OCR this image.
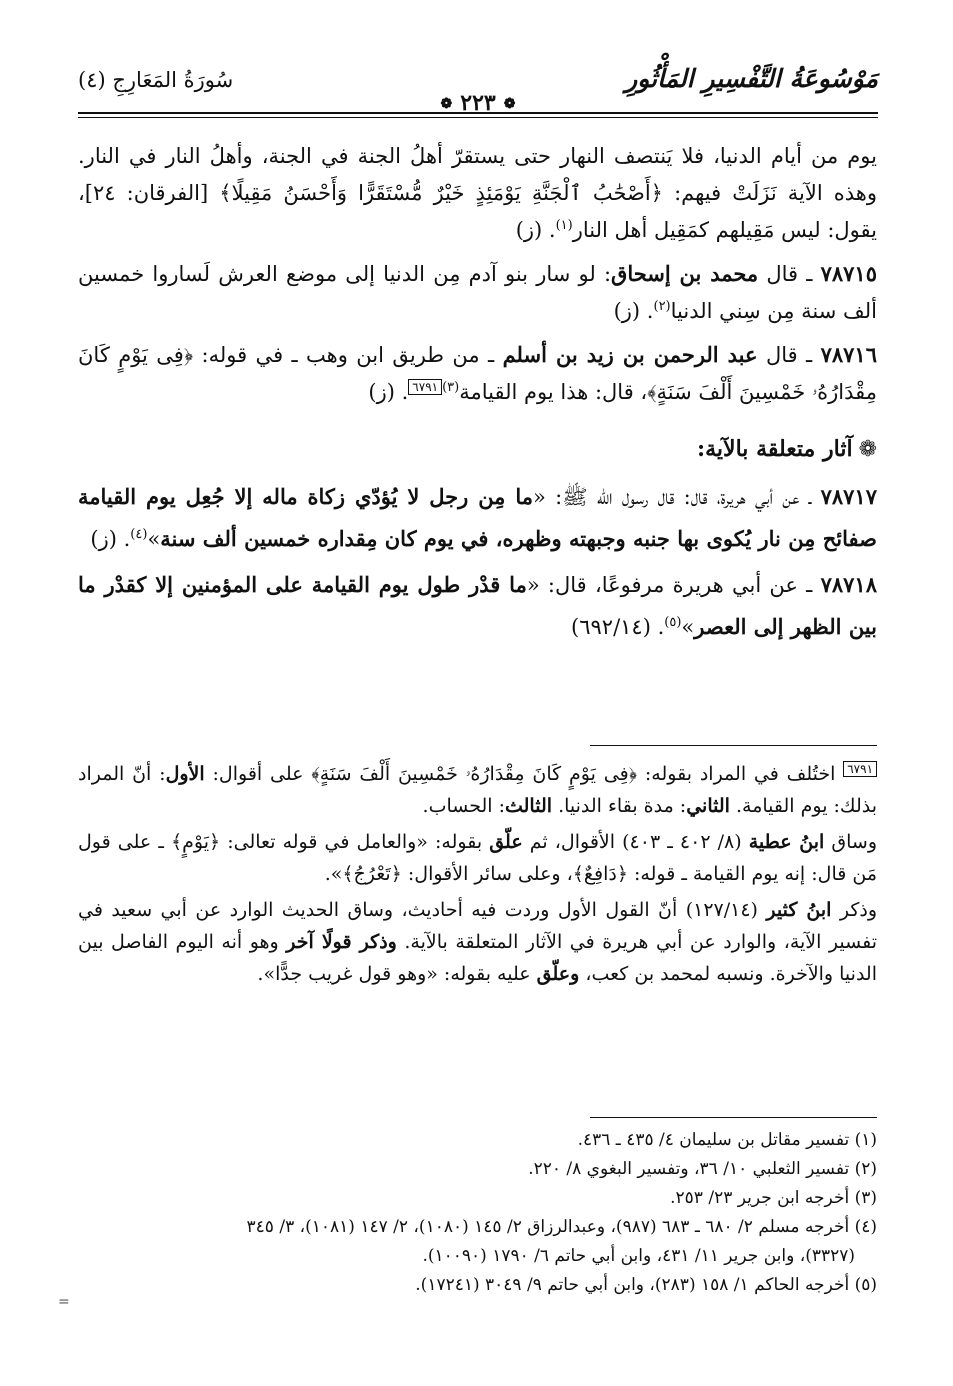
مَوْسُوعَةُ التَّفْسِيرِ المَأْثُورِ
سُورَةُ المَعَارِجِ (٤)
❁٢٢٣❁

يوم من أيام الدنيا، فلا يَنتصف النهار حتى يستقرّ أهلُ الجنة في الجنة، وأهلُ النار في النار. وهذه الآية نَزَلَتْ فيهم: ﴿أَصْحَٰبُ ٱلْجَنَّةِ يَوْمَئِذٍ خَيْرٌ مُّسْتَقَرًّا وَأَحْسَنُ مَقِيلًا﴾ [الفرقان: ٢٤]، يقول: ليس مَقِيلهم كمَقِيل أهل النار$^{(١)}$. (ز)

٧٨٧١٥ ـ قال محمد بن إسحاق: لو سار بنو آدم مِن الدنيا إلى موضع العرش لَساروا خمسين ألف سنة مِن سِني الدنيا$^{(٢)}$. (ز)

٧٨٧١٦ ـ قال عبد الرحمن بن زيد بن أسلم ـ من طريق ابن وهب ـ في قوله: ﴿فِى يَوْمٍ كَانَ مِقْدَارُهُۥ خَمْسِينَ أَلْفَ سَنَةٍ﴾، قال: هذا يوم القيامة$^{(٣)٦٧٩١}$. (ز)

❁آثار متعلقة بالآية:

٧٨٧١٧ ـ عن أبي هريرة، قال: قال رسول الله ﷺ: «ما مِن رجل لا يُؤدّي زكاة ماله إلا جُعِل يوم القيامة صفائح مِن نار يُكوى بها جنبه وجبهته وظهره، في يوم كان مِقداره خمسين ألف سنة»$^{(٤)}$. (ز)

٧٨٧١٨ ـ عن أبي هريرة مرفوعًا، قال: «ما قدْر طول يوم القيامة على المؤمنين إلا كقدْر ما بين الظهر إلى العصر»$^{(٥)}$. (٦٩٢/١٤)

$^{٦٧٩١}$ اختُلف في المراد بقوله: ﴿فِى يَوْمٍ كَانَ مِقْدَارُهُۥ خَمْسِينَ أَلْفَ سَنَةٍ﴾ على أقوال: الأول: أنّ المراد بذلك: يوم القيامة. الثاني: مدة بقاء الدنيا. الثالث: الحساب.

وساق ابنُ عطية (٨/ ٤٠٢ ـ ٤٠٣) الأقوال، ثم علّق بقوله: «والعامل في قوله تعالى: ﴿يَوْمٍ﴾ ـ على قول مَن قال: إنه يوم القيامة ـ قوله: ﴿دَافِعٌ﴾، وعلى سائر الأقوال: ﴿تَعْرُجُ﴾».

وذكر ابنُ كثير (١٢٧/١٤) أنّ القول الأول وردت فيه أحاديث، وساق الحديث الوارد عن أبي سعيد في تفسير الآية، والوارد عن أبي هريرة في الآثار المتعلقة بالآية. وذكر قولًا آخر وهو أنه اليوم الفاصل بين الدنيا والآخرة. ونسبه لمحمد بن كعب، وعلّق عليه بقوله: «وهو قول غريب جدًّا».

(١) تفسير مقاتل بن سليمان ٤/ ٤٣٥ ـ ٤٣٦.
(٢) تفسير الثعلبي ١٠/ ٣٦، وتفسير البغوي ٨/ ٢٢٠.
(٣) أخرجه ابن جرير ٢٣/ ٢٥٣.
(٤) أخرجه مسلم ٢/ ٦٨٠ ـ ٦٨٣ (٩٨٧)، وعبدالرزاق ٢/ ١٤٥ (١٠٨٠)، ٢/ ١٤٧ (١٠٨١)، ٣/ ٣٤٥
(٣٣٢٧)، وابن جرير ١١/ ٤٣١، وابن أبي حاتم ٦/ ١٧٩٠ (١٠٠٩٠).
(٥) أخرجه الحاكم ١/ ١٥٨ (٢٨٣)، وابن أبي حاتم ٩/ ٣٠٤٩ (١٧٢٤١).
=
